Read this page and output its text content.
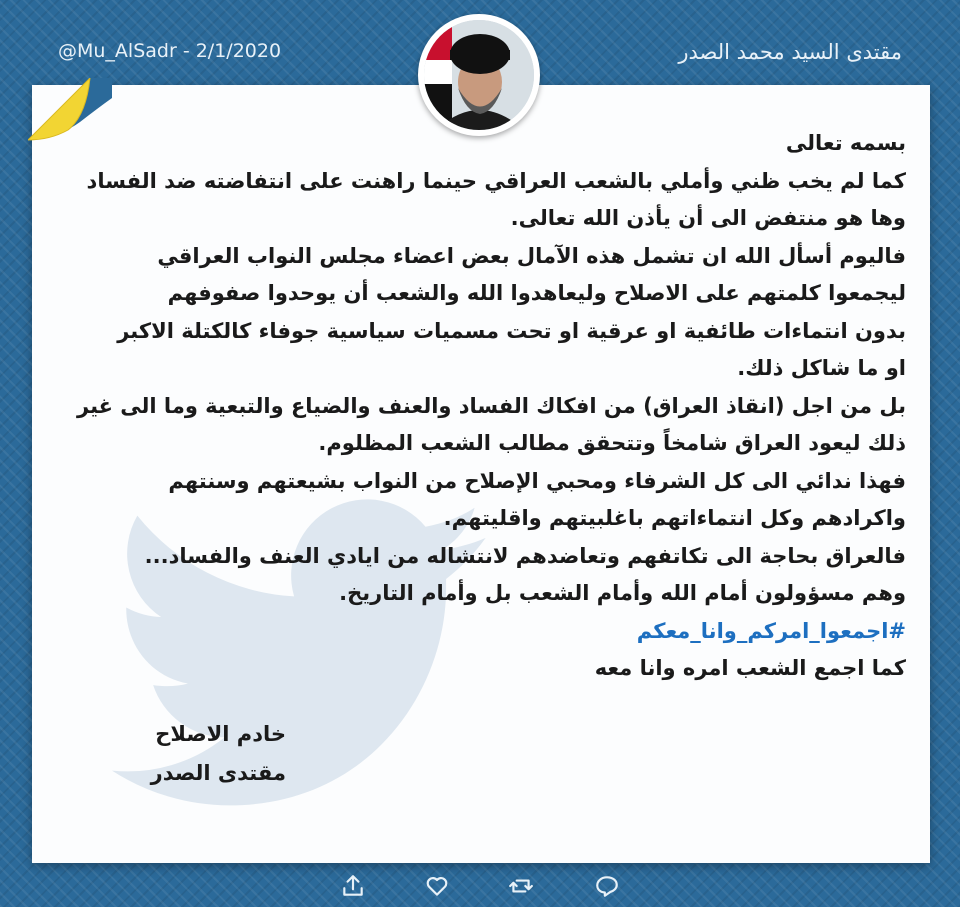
@Mu_AlSadr - 2/1/2020	مقتدى السيد محمد الصدر

بسمه تعالى

كما لم يخب ظني وأملي بالشعب العراقي حينما راهنت على انتفاضته ضد الفساد

وها هو منتفض الى أن يأذن الله تعالى.

فاليوم أسأل الله ان تشمل هذه الآمال بعض اعضاء مجلس النواب العراقي

ليجمعوا كلمتهم على الاصلاح وليعاهدوا الله والشعب أن يوحدوا صفوفهم

بدون انتماءات طائفية او عرقية او تحت مسميات سياسية جوفاء كالكتلة الاكبر

او ما شاكل ذلك.

بل من اجل (انقاذ العراق) من افكاك الفساد والعنف والضياع والتبعية وما الى غير

ذلك ليعود العراق شامخاً وتتحقق مطالب الشعب المظلوم.

فهذا ندائي الى كل الشرفاء ومحبي الإصلاح من النواب بشيعتهم وسنتهم

واكرادهم وكل انتماءاتهم باغلبيتهم واقليتهم.

فالعراق بحاجة الى تكاتفهم وتعاضدهم لانتشاله من ايادي العنف والفساد...

وهم مسؤولون أمام الله وأمام الشعب بل وأمام التاريخ.

#اجمعوا_امركم_وانا_معكم

كما اجمع الشعب امره وانا معه

خادم الاصلاح

مقتدى الصدر
